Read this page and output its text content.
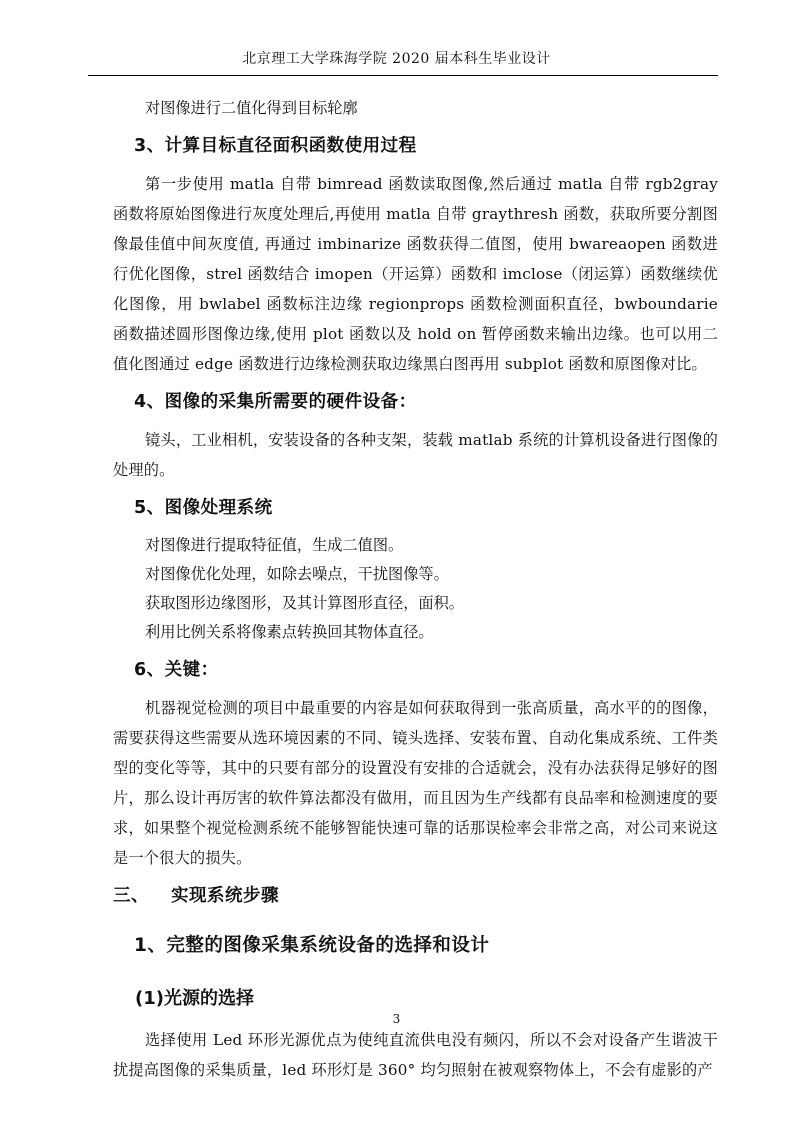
北京理工大学珠海学院 2020 届本科生毕业设计

对图像进行二值化得到目标轮廓

3、计算目标直径面积函数使用过程

第一步使用 matla 自带 bimread 函数读取图像,然后通过 matla 自带 rgb2gray 函数将原始图像进行灰度处理后,再使用 matla 自带 graythresh 函数，获取所要分割图像最佳值中间灰度值, 再通过 imbinarize 函数获得二值图，使用 bwareaopen 函数进行优化图像，strel 函数结合 imopen（开运算）函数和 imclose（闭运算）函数继续优化图像，用 bwlabel 函数标注边缘 regionprops 函数检测面积直径，bwboundarie 函数描述圆形图像边缘,使用 plot 函数以及 hold on 暂停函数来输出边缘。也可以用二值化图通过 edge 函数进行边缘检测获取边缘黑白图再用 subplot 函数和原图像对比。

4、图像的采集所需要的硬件设备：

镜头，工业相机，安装设备的各种支架，装载 matlab 系统的计算机设备进行图像的处理的。

5、图像处理系统

对图像进行提取特征值，生成二值图。

对图像优化处理，如除去噪点，干扰图像等。

获取图形边缘图形，及其计算图形直径，面积。

利用比例关系将像素点转换回其物体直径。

6、关键：

机器视觉检测的项目中最重要的内容是如何获取得到一张高质量，高水平的的图像，需要获得这些需要从选环境因素的不同、镜头选择、安装布置、自动化集成系统、工件类型的变化等等，其中的只要有部分的设置没有安排的合适就会，没有办法获得足够好的图片，那么设计再厉害的软件算法都没有做用，而且因为生产线都有良品率和检测速度的要求，如果整个视觉检测系统不能够智能快速可靠的话那误检率会非常之高，对公司来说这是一个很大的损失。

三、 实现系统步骤
1、完整的图像采集系统设备的选择和设计
(1)光源的选择

选择使用 Led 环形光源优点为使纯直流供电没有频闪，所以不会对设备产生谐波干扰提高图像的采集质量，led 环形灯是 360° 均匀照射在被观察物体上，不会有虚影的产

3
